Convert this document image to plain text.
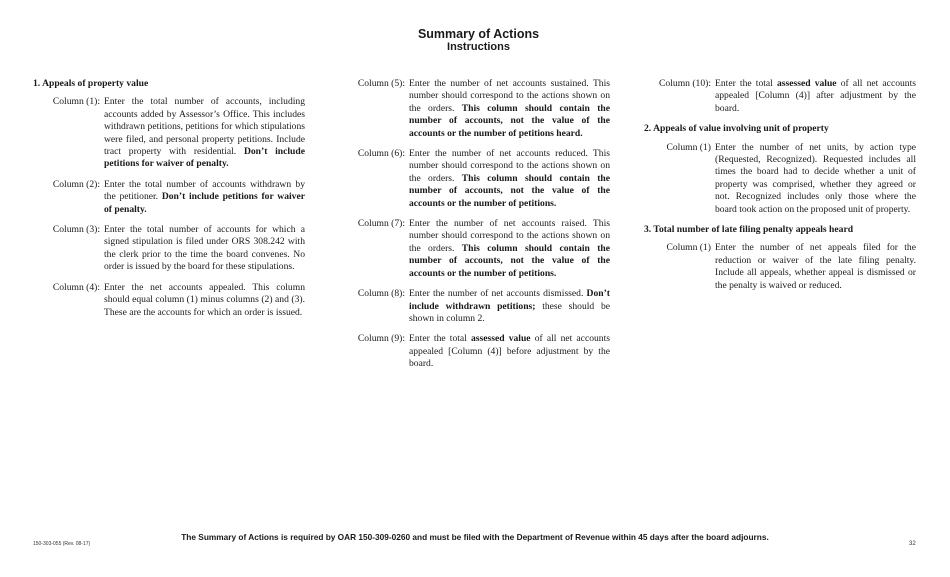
Summary of Actions
Instructions
1. Appeals of property value
Column (1): Enter the total number of accounts, including accounts added by Assessor’s Office. This includes withdrawn petitions, petitions for which stipulations were filed, and personal property petitions. Include tract property with residential. Don’t include petitions for waiver of penalty.
Column (2): Enter the total number of accounts withdrawn by the petitioner. Don’t include petitions for waiver of penalty.
Column (3): Enter the total number of accounts for which a signed stipulation is filed under ORS 308.242 with the clerk prior to the time the board convenes. No order is issued by the board for these stipulations.
Column (4): Enter the net accounts appealed. This column should equal column (1) minus columns (2) and (3). These are the accounts for which an order is issued.
Column (5): Enter the number of net accounts sustained. This number should correspond to the actions shown on the orders. This column should contain the number of accounts, not the value of the accounts or the number of petitions heard.
Column (6): Enter the number of net accounts reduced. This number should correspond to the actions shown on the orders. This column should contain the number of accounts, not the value of the accounts or the number of petitions.
Column (7): Enter the number of net accounts raised. This number should correspond to the actions shown on the orders. This column should contain the number of accounts, not the value of the accounts or the number of petitions.
Column (8): Enter the number of net accounts dismissed. Don’t include withdrawn petitions; these should be shown in column 2.
Column (9): Enter the total assessed value of all net accounts appealed [Column (4)] before adjustment by the board.
Column (10): Enter the total assessed value of all net accounts appealed [Column (4)] after adjustment by the board.
2. Appeals of value involving unit of property
Column (1) Enter the number of net units, by action type (Requested, Recognized). Requested includes all times the board had to decide whether a unit of property was comprised, whether they agreed or not. Recognized includes only those where the board took action on the proposed unit of property.
3. Total number of late filing penalty appeals heard
Column (1) Enter the number of net appeals filed for the reduction or waiver of the late filing penalty. Include all appeals, whether appeal is dismissed or the penalty is waived or reduced.
The Summary of Actions is required by OAR 150-309-0260 and must be filed with the Department of Revenue within 45 days after the board adjourns.
150-303-055 (Rev. 08-17)	32
